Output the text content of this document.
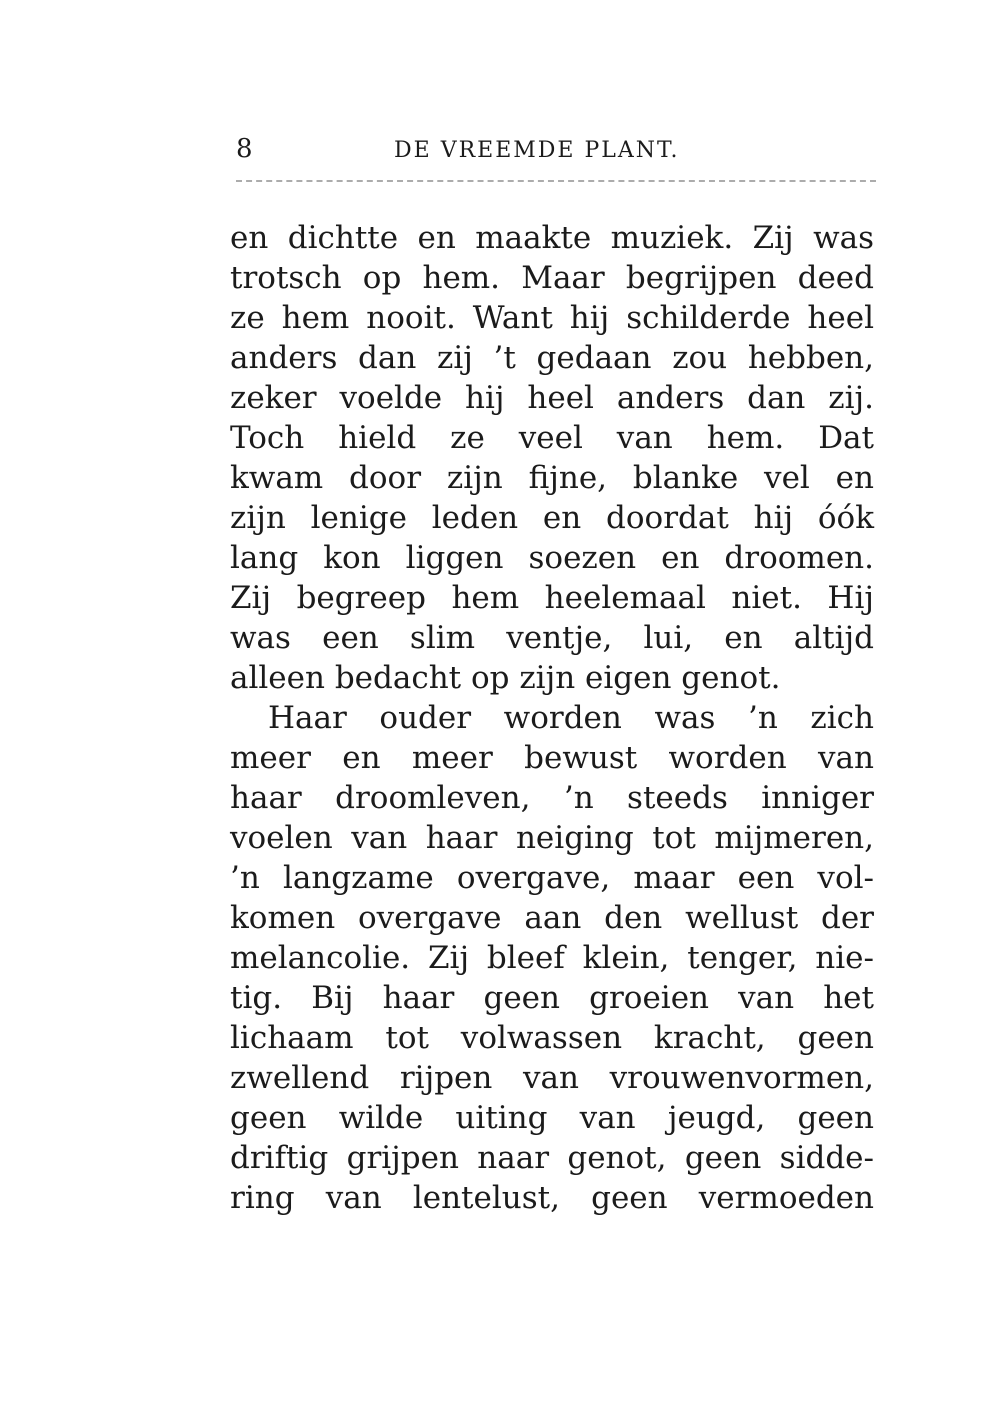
8	DE VREEMDE PLANT.
en dichtte en maakte muziek. Zij was
trotsch op hem. Maar begrijpen deed
ze hem nooit. Want hij schilderde heel
anders dan zij ’t gedaan zou hebben,
zeker voelde hij heel anders dan zij.
Toch hield ze veel van hem. Dat
kwam door zijn fijne, blanke vel en
zijn lenige leden en doordat hij óók
lang kon liggen soezen en droomen.
Zij begreep hem heelemaal niet. Hij
was een slim ventje, lui, en altijd
alleen bedacht op zijn eigen genot.
Haar ouder worden was ’n zich
meer en meer bewust worden van
haar droomleven, ’n steeds inniger
voelen van haar neiging tot mijmeren,
’n langzame overgave, maar een vol-
komen overgave aan den wellust der
melancolie. Zij bleef klein, tenger, nie-
tig. Bij haar geen groeien van het
lichaam tot volwassen kracht, geen
zwellend rijpen van vrouwenvormen,
geen wilde uiting van jeugd, geen
driftig grijpen naar genot, geen sidde-
ring van lentelust, geen vermoeden
